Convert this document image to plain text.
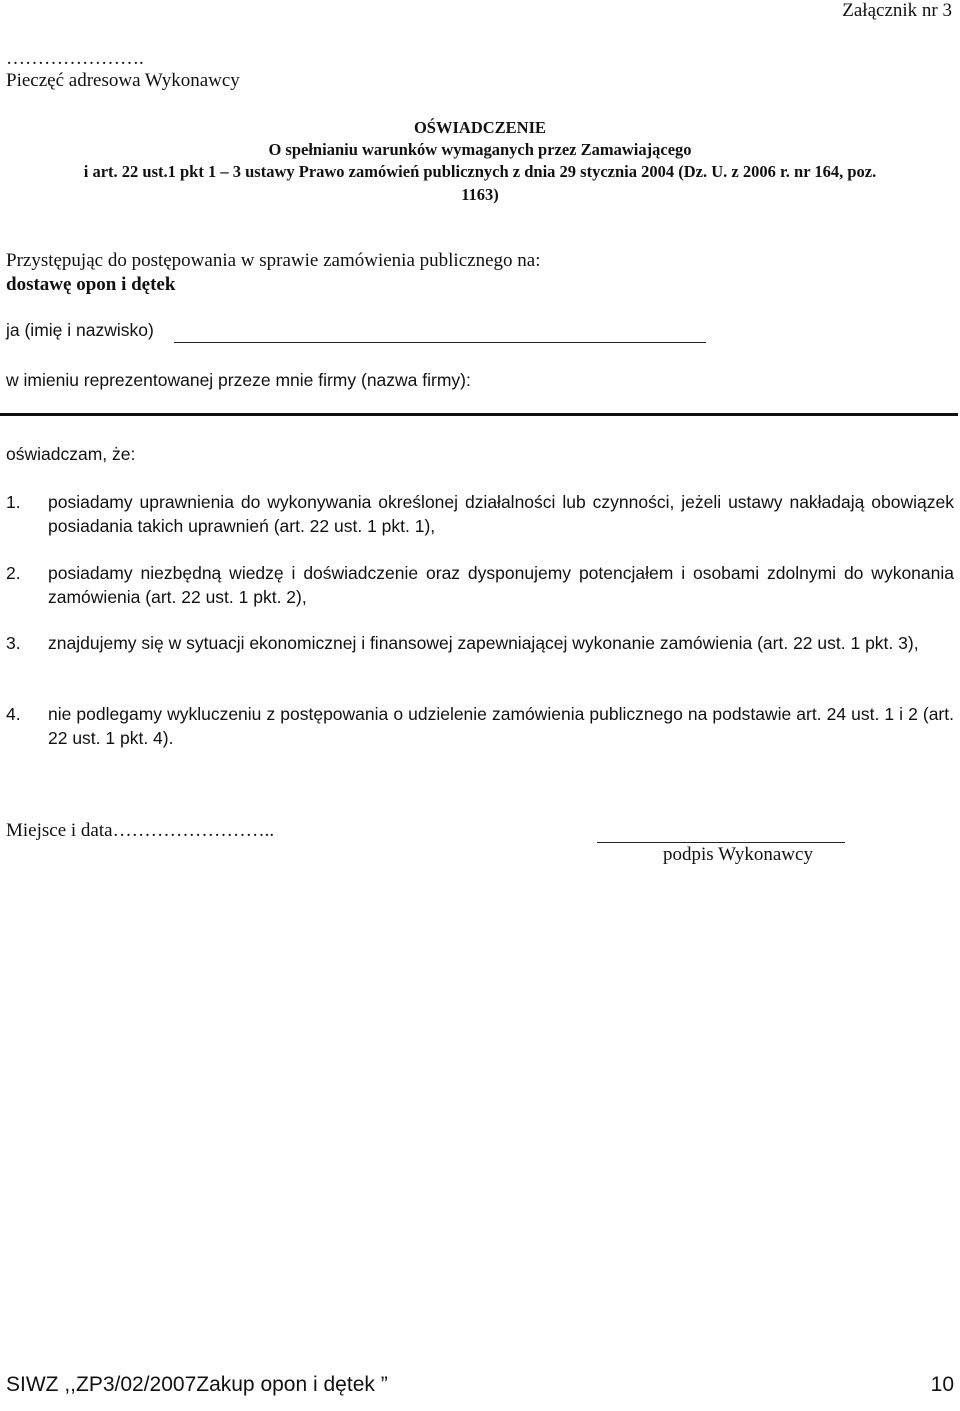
Załącznik nr 3
………………….
Pieczęć adresowa Wykonawcy
OŚWIADCZENIE
O spełnianiu warunków wymaganych przez Zamawiającego
i art. 22 ust.1 pkt 1 – 3 ustawy Prawo zamówień publicznych z dnia 29 stycznia 2004 (Dz. U. z 2006 r. nr 164, poz.
1163)
Przystępując do postępowania w sprawie zamówienia publicznego na:
dostawę opon i dętek
ja (imię i nazwisko)
w imieniu reprezentowanej przeze mnie firmy (nazwa firmy):
oświadczam, że:
1. posiadamy uprawnienia do wykonywania określonej działalności lub czynności, jeżeli ustawy nakładają obowiązek posiadania takich uprawnień (art. 22 ust. 1 pkt. 1),
2. posiadamy niezbędną wiedzę i doświadczenie oraz dysponujemy potencjałem i osobami zdolnymi do wykonania zamówienia (art. 22 ust. 1 pkt. 2),
3. znajdujemy się w sytuacji ekonomicznej i finansowej zapewniającej wykonanie zamówienia (art. 22 ust. 1 pkt. 3),
4. nie podlegamy wykluczeniu z postępowania o udzielenie zamówienia publicznego na podstawie art. 24 ust. 1 i 2 (art. 22 ust. 1 pkt. 4).
Miejsce i data……………………..
podpis Wykonawcy
SIWZ ,,ZP3/02/2007Zakup opon i dętek ”	10
